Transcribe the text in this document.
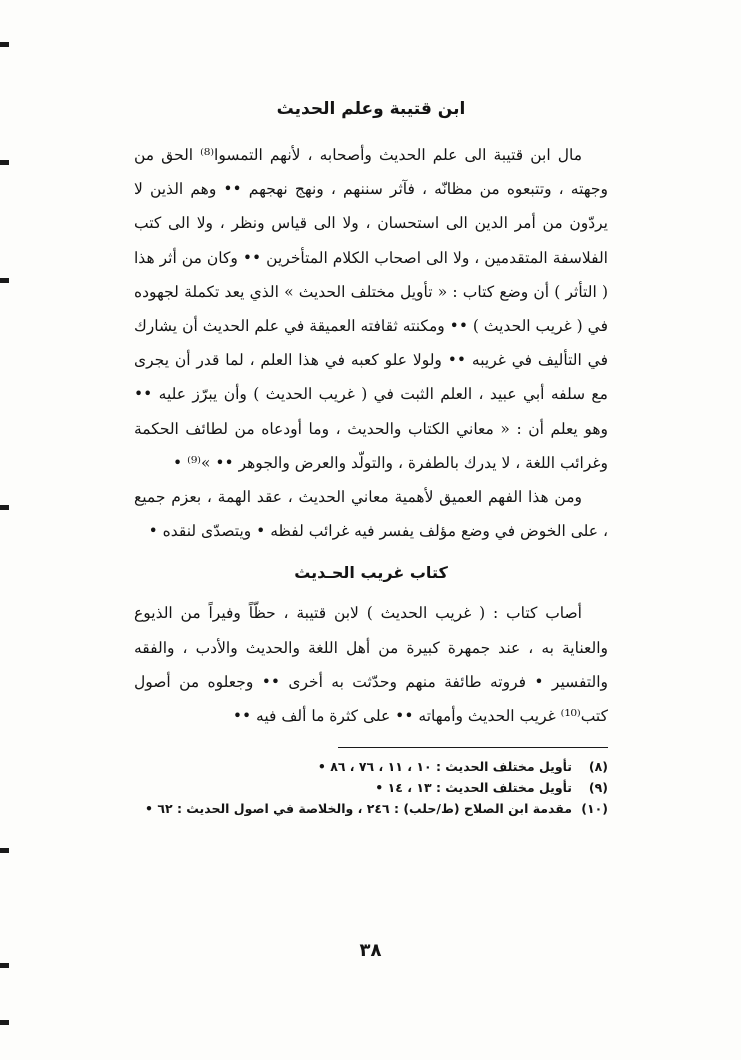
ابن قتيبة وعلم الحديث

مال ابن قتيبة الى علم الحديث وأصحابه ، لأنهم التمسوا⁽⁸⁾ الحق من وجهته ، وتتبعوه من مظانّه ، فآثر سننهم ، ونهج نهجهم •• وهم الذين لا يردّون من أمر الدين الى استحسان ، ولا الى قياس ونظر ، ولا الى كتب الفلاسفة المتقدمين ، ولا الى اصحاب الكلام المتأخرين •• وكان من أثر هذا ( التأثر ) أن وضع كتاب : « تأويل مختلف الحديث » الذي يعد تكملة لجهوده في ( غريب الحديث ) •• ومكنته ثقافته العميقة في علم الحديث أن يشارك في التأليف في غريبه •• ولولا علو كعبه في هذا العلم ، لما قدر أن يجرى مع سلفه أبي عبيد ، العلم الثبت في ( غريب الحديث ) وأن يبرّز عليه •• وهو يعلم أن : « معاني الكتاب والحديث ، وما أودعاه من لطائف الحكمة وغرائب اللغة ، لا يدرك بالطفرة ، والتولّد والعرض والجوهر •• »⁽⁹⁾ •

ومن هذا الفهم العميق لأهمية معاني الحديث ، عقد الهمة ، بعزم جميع ، على الخوض في وضع مؤلف يفسر فيه غرائب لفظه • ويتصدّى لنقده •

كتاب غريب الحـديث

أصاب كتاب : ( غريب الحديث ) لابن قتيبة ، حظّاً وفيراً من الذيوع والعناية به ، عند جمهرة كبيرة من أهل اللغة والحديث والأدب ، والفقه والتفسير • فروته طائفة منهم وحدّثت به أخرى •• وجعلوه من أصول كتب⁽¹⁰⁾ غريب الحديث وأمهاته •• على كثرة ما ألف فيه ••

(٨)
تأويل مختلف الحديث : ١٠ ، ١١ ، ٧٦ ، ٨٦ •
(٩)
تأويل مختلف الحديث : ١٣ ، ١٤ •
(١٠)
مقدمة ابن الصلاح (ط/حلب) : ٢٤٦ ، والخلاصة في اصول الحديث : ٦٢ •
٣٨
